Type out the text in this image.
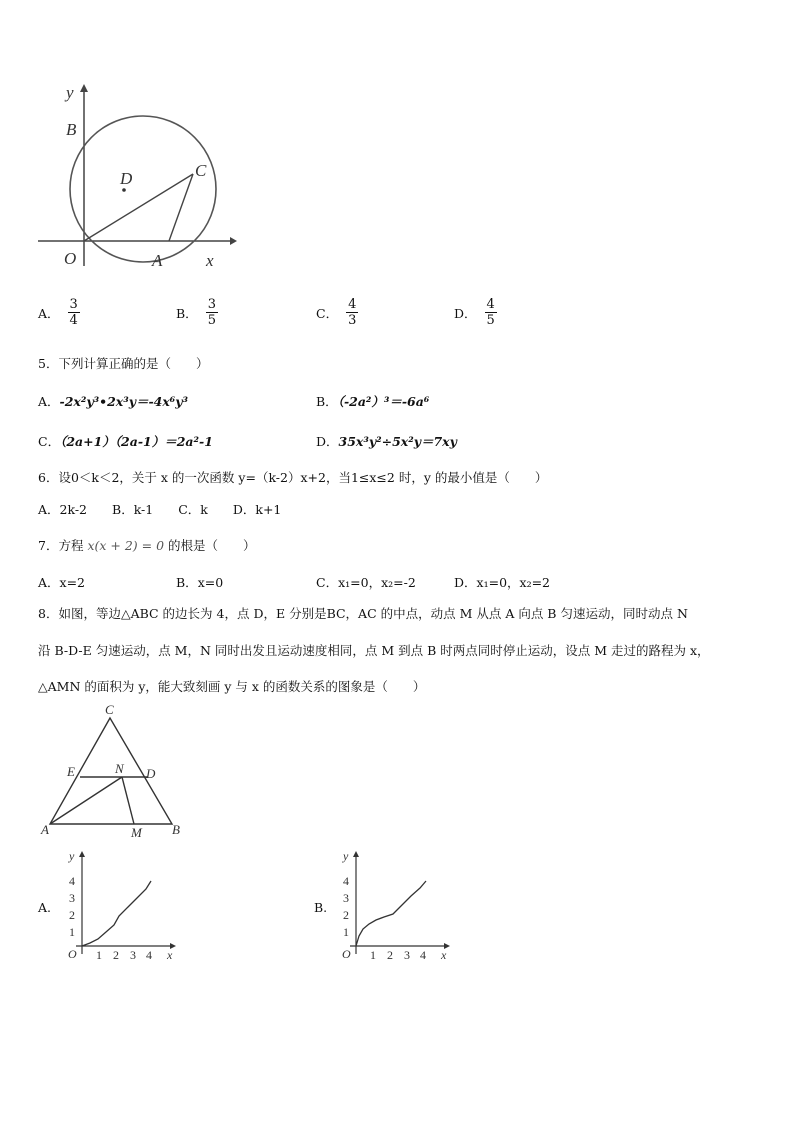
y
B
D	C
O	A	x
A． $\frac{3}{4}$	B． $\frac{3}{5}$	C． $\frac{4}{3}$	D． $\frac{4}{5}$
5．下列计算正确的是（　　）
A．-2x²y³•2x³y＝-4x⁶y³	B．（-2a²）³＝-6a⁶
C．（2a+1）（2a-1）＝2a²-1	D．35x³y²÷5x²y＝7xy
6．设0＜k＜2，关于 x 的一次函数 y=（k-2）x+2，当1≤x≤2 时，y 的最小值是（　　）
A．2k-2　　B．k-1　　C．k　　D．k+1
7．方程 x(x + 2) = 0 的根是（　　）
A．x=2	B．x=0	C．x₁=0，x₂=-2	D．x₁=0，x₂=2
8．如图，等边△ABC 的边长为 4，点 D，E 分别是BC，AC 的中点，动点 M 从点 A 向点 B 匀速运动，同时动点 N
沿 B-D-E 匀速运动，点 M，N 同时出发且运动速度相同，点 M 到点 B 时两点同时停止运动，设点 M 走过的路程为 x，
△AMN 的面积为 y，能大致刻画 y 与 x 的函数关系的图象是（　　）
C
E	N D
A	M B
A.
y
4
3
2
1
O 1 2 3 4 x
B.
y
4
3
2
1
O 1 2 3 4 x
